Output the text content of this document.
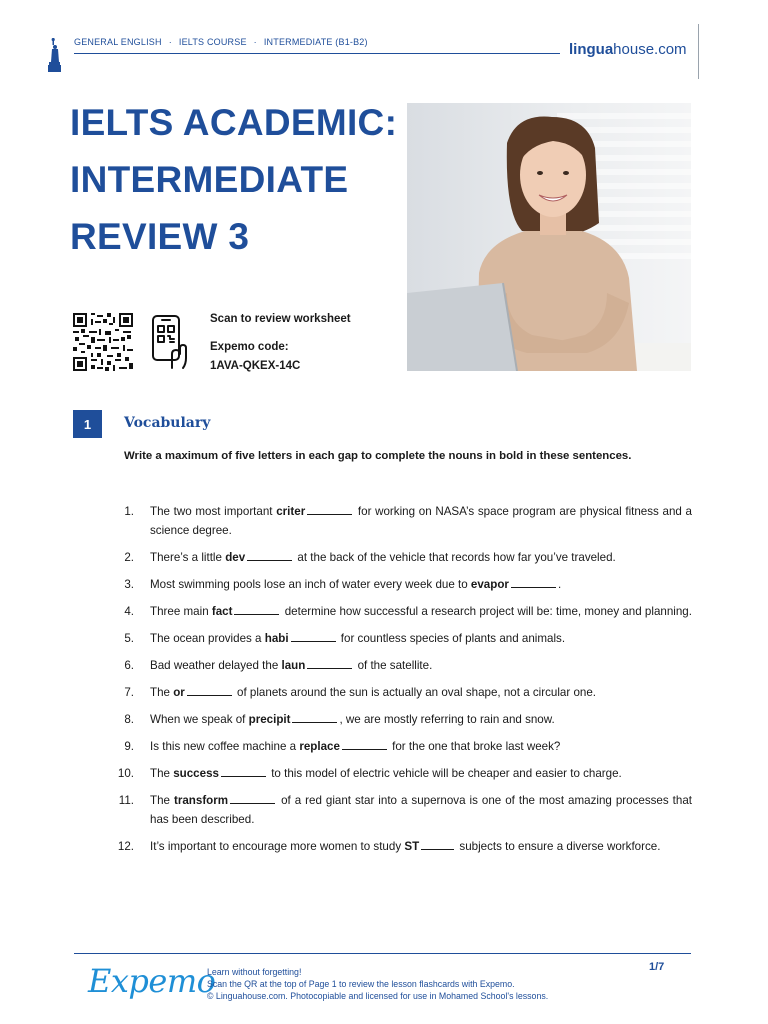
GENERAL ENGLISH · IELTS COURSE · INTERMEDIATE (B1-B2)	linguahouse.com
IELTS ACADEMIC:
INTERMEDIATE
REVIEW 3
Scan to review worksheet
Expemo code:
1AVA-QKEX-14C
1	Vocabulary
Write a maximum of five letters in each gap to complete the nouns in bold in these sentences.
1. The two most important criter	for working on NASA’s space program are physical fitness and a science degree.
2. There’s a little dev	at the back of the vehicle that records how far you’ve traveled.
3. Most swimming pools lose an inch of water every week due to evapor	.
4. Three main fact	determine how successful a research project will be: time, money and planning.
5. The ocean provides a habi	for countless species of plants and animals.
6. Bad weather delayed the laun	of the satellite.
7. The or	of planets around the sun is actually an oval shape, not a circular one.
8. When we speak of precipit	, we are mostly referring to rain and snow.
9. Is this new coffee machine a replace	for the one that broke last week?
10. The success	to this model of electric vehicle will be cheaper and easier to charge.
11. The transform	of a red giant star into a supernova is one of the most amazing processes that has been described.
12. It’s important to encourage more women to study ST	subjects to ensure a diverse workforce.
Expemo
Learn without forgetting!
Scan the QR at the top of Page 1 to review the lesson flashcards with Expemo.
© Linguahouse.com. Photocopiable and licensed for use in Mohamed School's lessons.
1/7
